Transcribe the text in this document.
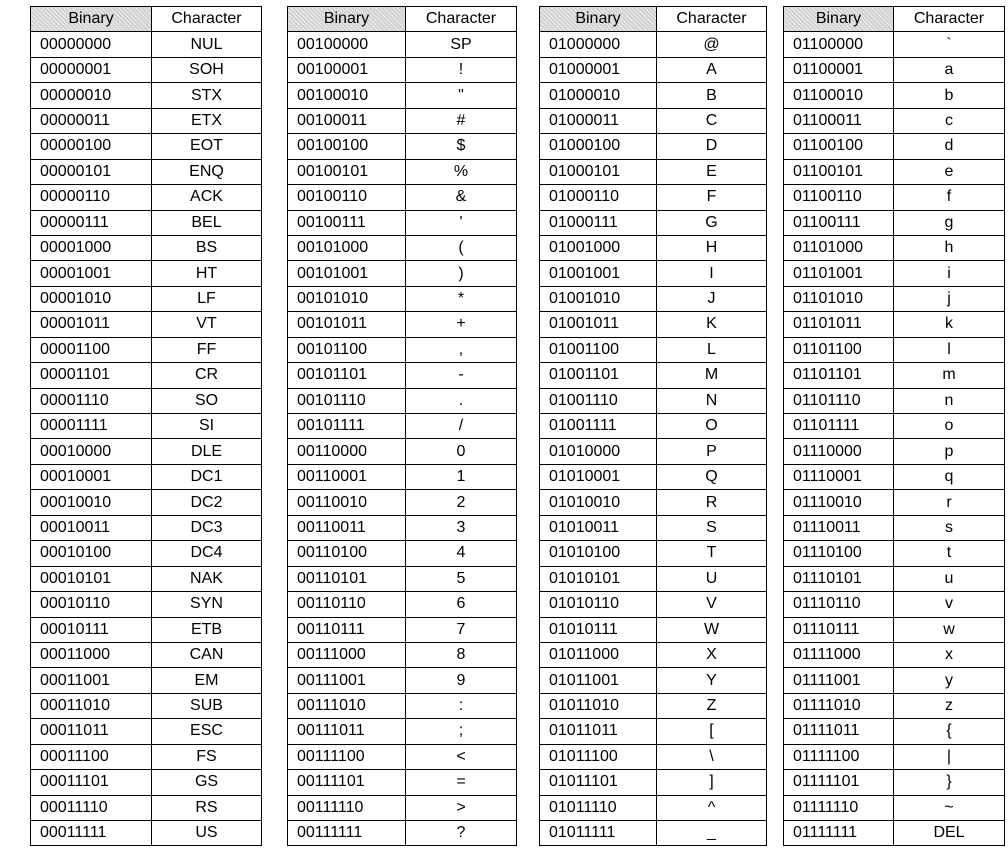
Binary	Character
00000000	NUL
00000001	SOH
00000010	STX
00000011	ETX
00000100	EOT
00000101	ENQ
00000110	ACK
00000111	BEL
00001000	BS
00001001	HT
00001010	LF
00001011	VT
00001100	FF
00001101	CR
00001110	SO
00001111	SI
00010000	DLE
00010001	DC1
00010010	DC2
00010011	DC3
00010100	DC4
00010101	NAK
00010110	SYN
00010111	ETB
00011000	CAN
00011001	EM
00011010	SUB
00011011	ESC
00011100	FS
00011101	GS
00011110	RS
00011111	US
Binary	Character
00100000	SP
00100001	!
00100010	"
00100011	#
00100100	$
00100101	%
00100110	&
00100111	'
00101000	(
00101001	)
00101010	*
00101011	+
00101100	,
00101101	-
00101110	.
00101111	/
00110000	0
00110001	1
00110010	2
00110011	3
00110100	4
00110101	5
00110110	6
00110111	7
00111000	8
00111001	9
00111010	:
00111011	;
00111100	<
00111101	=
00111110	>
00111111	?
Binary	Character
01000000	@
01000001	A
01000010	B
01000011	C
01000100	D
01000101	E
01000110	F
01000111	G
01001000	H
01001001	I
01001010	J
01001011	K
01001100	L
01001101	M
01001110	N
01001111	O
01010000	P
01010001	Q
01010010	R
01010011	S
01010100	T
01010101	U
01010110	V
01010111	W
01011000	X
01011001	Y
01011010	Z
01011011	[
01011100	\
01011101	]
01011110	^
01011111	_
Binary	Character
01100000	`
01100001	a
01100010	b
01100011	c
01100100	d
01100101	e
01100110	f
01100111	g
01101000	h
01101001	i
01101010	j
01101011	k
01101100	l
01101101	m
01101110	n
01101111	o
01110000	p
01110001	q
01110010	r
01110011	s
01110100	t
01110101	u
01110110	v
01110111	w
01111000	x
01111001	y
01111010	z
01111011	{
01111100	|
01111101	}
01111110	~
01111111	DEL
